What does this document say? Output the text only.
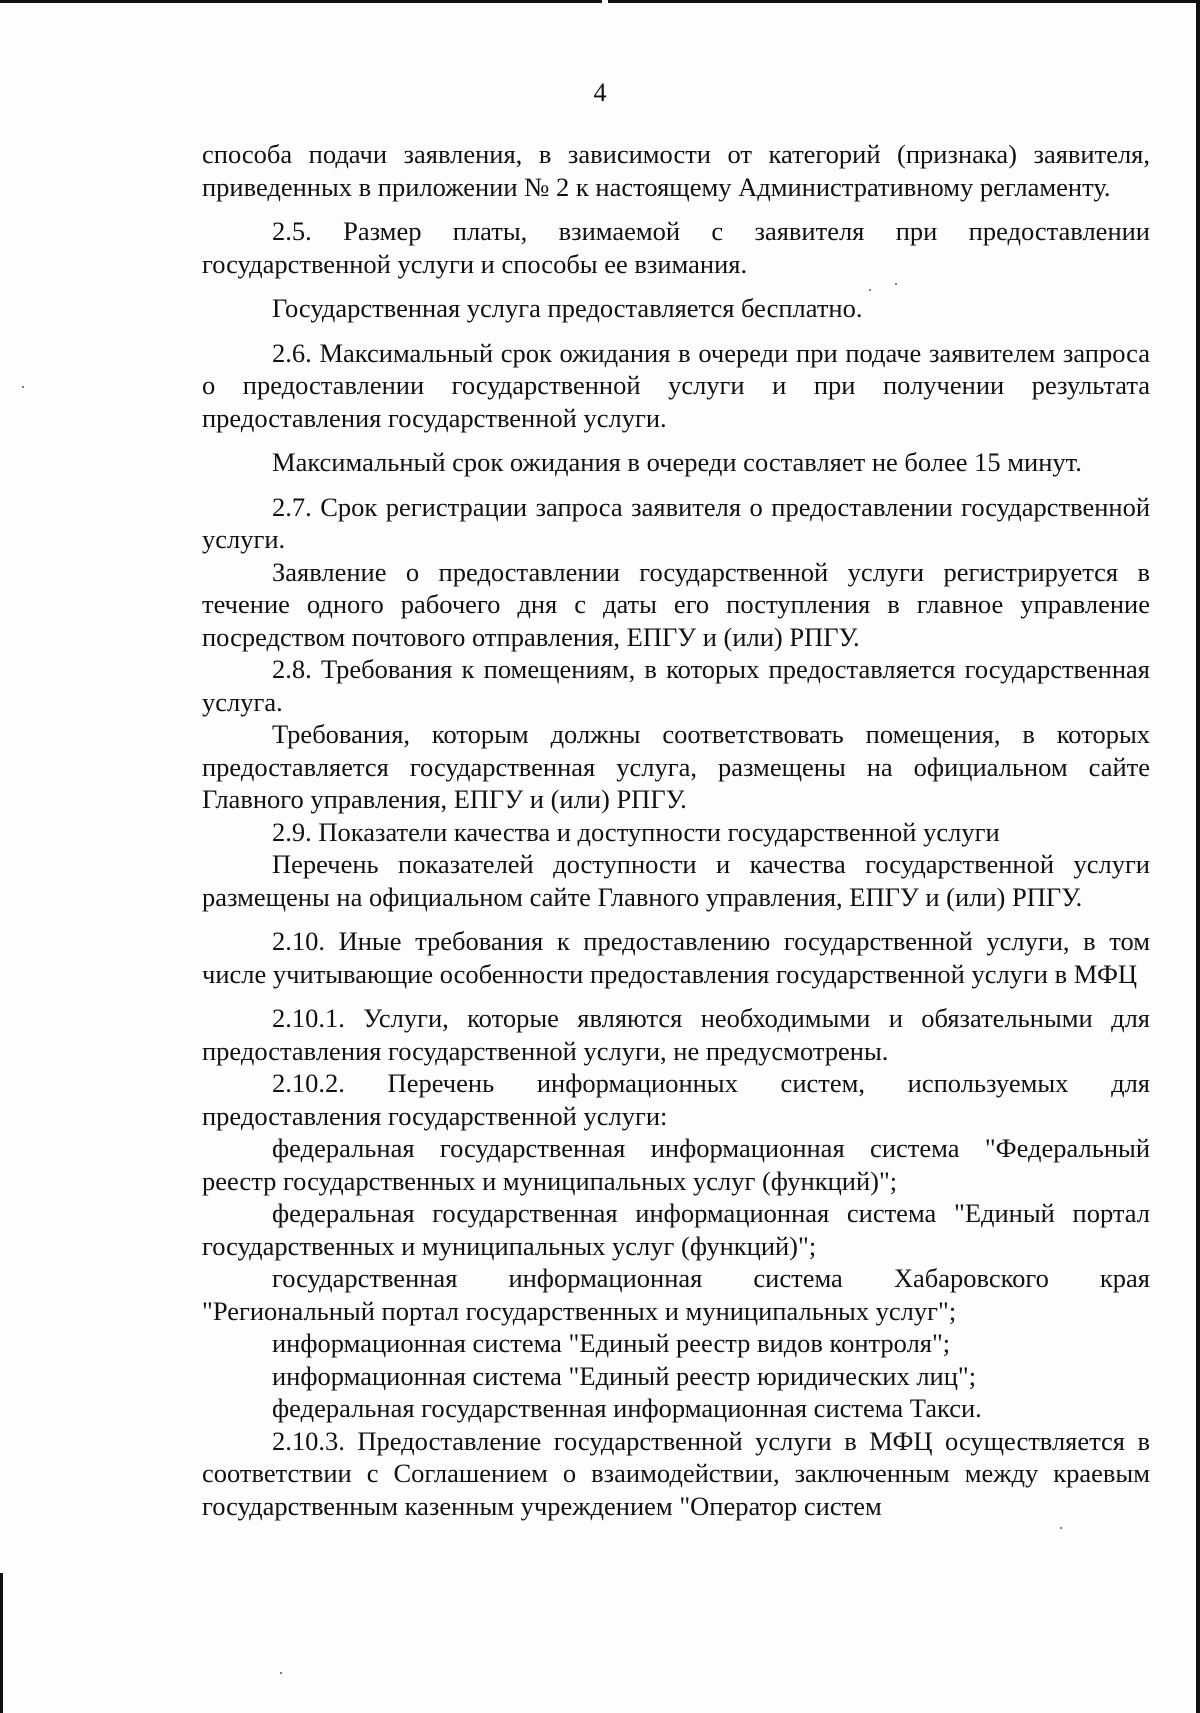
4

способа подачи заявления, в зависимости от категорий (признака) заявителя, приведенных в приложении № 2 к настоящему Административному регламенту.

2.5. Размер платы, взимаемой с заявителя при предоставлении государственной услуги и способы ее взимания.

Государственная услуга предоставляется бесплатно.

2.6. Максимальный срок ожидания в очереди при подаче заявителем запроса о предоставлении государственной услуги и при получении результата предоставления государственной услуги.

Максимальный срок ожидания в очереди составляет не более 15 минут.

2.7. Срок регистрации запроса заявителя о предоставлении государственной услуги.

Заявление о предоставлении государственной услуги регистрируется в течение одного рабочего дня с даты его поступления в главное управление посредством почтового отправления, ЕПГУ и (или) РПГУ.

2.8. Требования к помещениям, в которых предоставляется государственная услуга.

Требования, которым должны соответствовать помещения, в которых предоставляется государственная услуга, размещены на официальном сайте Главного управления, ЕПГУ и (или) РПГУ.

2.9. Показатели качества и доступности государственной услуги

Перечень показателей доступности и качества государственной услуги размещены на официальном сайте Главного управления, ЕПГУ и (или) РПГУ.

2.10. Иные требования к предоставлению государственной услуги, в том числе учитывающие особенности предоставления государственной услуги в МФЦ

2.10.1. Услуги, которые являются необходимыми и обязательными для предоставления государственной услуги, не предусмотрены.

2.10.2. Перечень информационных систем, используемых для предоставления государственной услуги:

федеральная государственная информационная система "Федеральный реестр государственных и муниципальных услуг (функций)";

федеральная государственная информационная система "Единый портал государственных и муниципальных услуг (функций)";

государственная информационная система Хабаровского края "Региональный портал государственных и муниципальных услуг";

информационная система "Единый реестр видов контроля";

информационная система "Единый реестр юридических лиц";

федеральная государственная информационная система Такси.

2.10.3. Предоставление государственной услуги в МФЦ осуществляется в соответствии с Соглашением о взаимодействии, заключенным между краевым государственным казенным учреждением "Оператор систем
